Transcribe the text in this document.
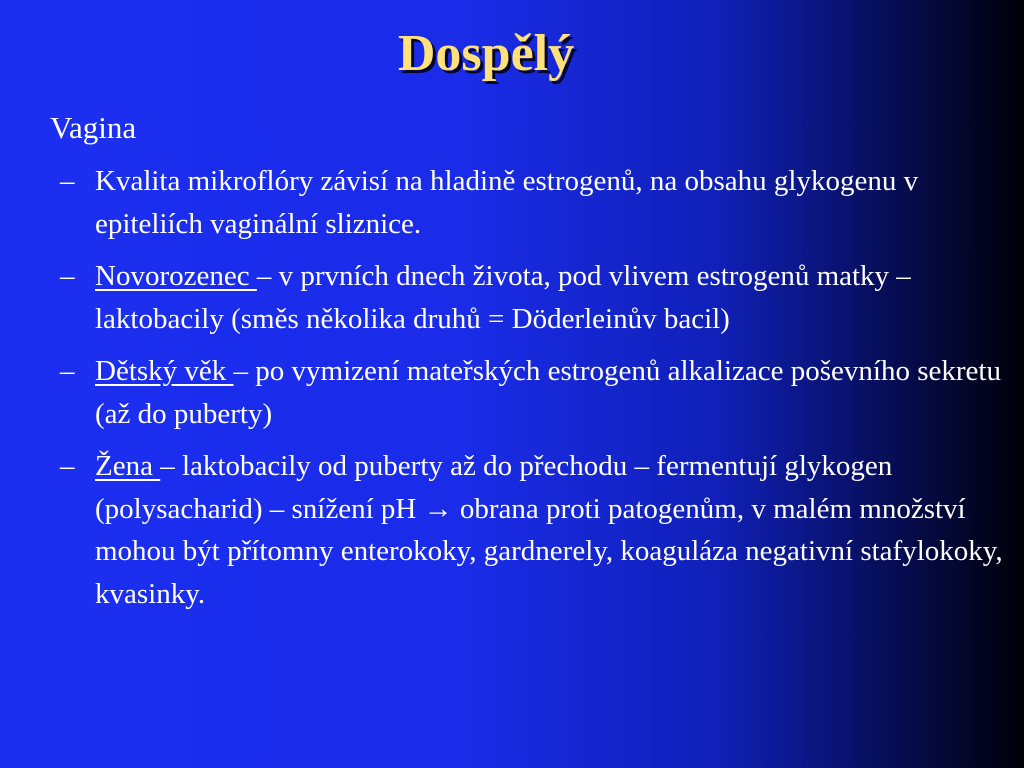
Dospělý
Vagina
– Kvalita mikroflóry závisí na hladině estrogenů, na obsahu glykogenu v epiteliích vaginální sliznice.
– Novorozenec – v prvních dnech života, pod vlivem estrogenů matky – laktobacily (směs několika druhů = Döderleinův bacil)
– Dětský věk – po vymizení mateřských estrogenů alkalizace poševního sekretu (až do puberty)
– Žena – laktobacily od puberty až do přechodu – fermentují glykogen (polysacharid) – snížení pH → obrana proti patogenům, v malém množství mohou být přítomny enterokoky, gardnerely, koaguláza negativní stafylokoky, kvasinky.
